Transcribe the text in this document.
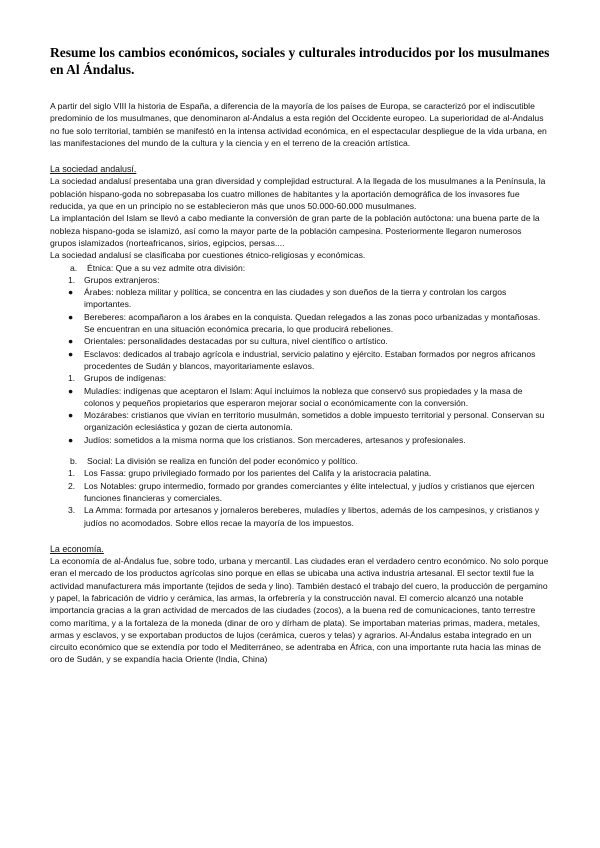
Resume los cambios económicos, sociales y culturales introducidos por los musulmanes en Al Ándalus.

A partir del siglo VIII la historia de España, a diferencia de la mayoría de los países de Europa, se caracterizó por el indiscutible predominio de los musulmanes, que denominaron al-Ándalus a esta región del Occidente europeo. La superioridad de al-Ándalus no fue solo territorial, también se manifestó en la intensa actividad económica, en el espectacular despliegue de la vida urbana, en las manifestaciones del mundo de la cultura y la ciencia y en el terreno de la creación artística.

La sociedad andalusí.

La sociedad andalusí presentaba una gran diversidad y complejidad estructural. A la llegada de los musulmanes a la Península, la población hispano-goda no sobrepasaba los cuatro millones de habitantes y la aportación demográfica de los invasores fue reducida, ya que en un principio no se establecieron más que unos 50.000-60.000 musulmanes.

La implantación del Islam se llevó a cabo mediante la conversión de gran parte de la población autóctona: una buena parte de la nobleza hispano-goda se islamizó, así como la mayor parte de la población campesina. Posteriormente llegaron numerosos grupos islamizados (norteafricanos, sirios, egipcios, persas....

La sociedad andalusí se clasificaba por cuestiones étnico-religiosas y económicas.

a. Étnica: Que a su vez admite otra división:
1. Grupos extranjeros:
● Árabes: nobleza militar y política, se concentra en las ciudades y son dueños de la tierra y controlan los cargos importantes.
● Bereberes: acompañaron a los árabes en la conquista. Quedan relegados a las zonas poco urbanizadas y montañosas. Se encuentran en una situación económica precaria, lo que producirá rebeliones.
● Orientales: personalidades destacadas por su cultura, nivel científico o artístico.
● Esclavos: dedicados al trabajo agrícola e industrial, servicio palatino y ejército. Estaban formados por negros africanos procedentes de Sudán y blancos, mayoritariamente eslavos.
1. Grupos de indígenas:
● Muladíes: indígenas que aceptaron el Islam: Aquí incluimos la nobleza que conservó sus propiedades y la masa de colonos y pequeños propietarios que esperaron mejorar social o económicamente con la conversión.
● Mozárabes: cristianos que vivían en territorio musulmán, sometidos a doble impuesto territorial y personal. Conservan su organización eclesiástica y gozan de cierta autonomía.
● Judíos: sometidos a la misma norma que los cristianos. Son mercaderes, artesanos y profesionales.
b. Social: La división se realiza en función del poder económico y político.
1. Los Fassa: grupo privilegiado formado por los parientes del Califa y la aristocracia palatina.
2. Los Notables: grupo intermedio, formado por grandes comerciantes y élite intelectual, y judíos y cristianos que ejercen funciones financieras y comerciales.
3. La Amma: formada por artesanos y jornaleros bereberes, muladíes y libertos, además de los campesinos, y cristianos y judíos no acomodados. Sobre ellos recae la mayoría de los impuestos.
La economía.

La economía de al-Ándalus fue, sobre todo, urbana y mercantil. Las ciudades eran el verdadero centro económico. No solo porque eran el mercado de los productos agrícolas sino porque en ellas se ubicaba una activa industria artesanal. El sector textil fue la actividad manufacturera más importante (tejidos de seda y lino). También destacó el trabajo del cuero, la producción de pergamino y papel, la fabricación de vidrio y cerámica, las armas, la orfebrería y la construcción naval. El comercio alcanzó una notable importancia gracias a la gran actividad de mercados de las ciudades (zocos), a la buena red de comunicaciones, tanto terrestre como marítima, y a la fortaleza de la moneda (dinar de oro y dírham de plata). Se importaban materias primas, madera, metales, armas y esclavos, y se exportaban productos de lujos (cerámica, cueros y telas) y agrarios. Al-Ándalus estaba integrado en un circuito económico que se extendía por todo el Mediterráneo, se adentraba en África, con una importante ruta hacia las minas de oro de Sudán, y se expandía hacia Oriente (India, China)
